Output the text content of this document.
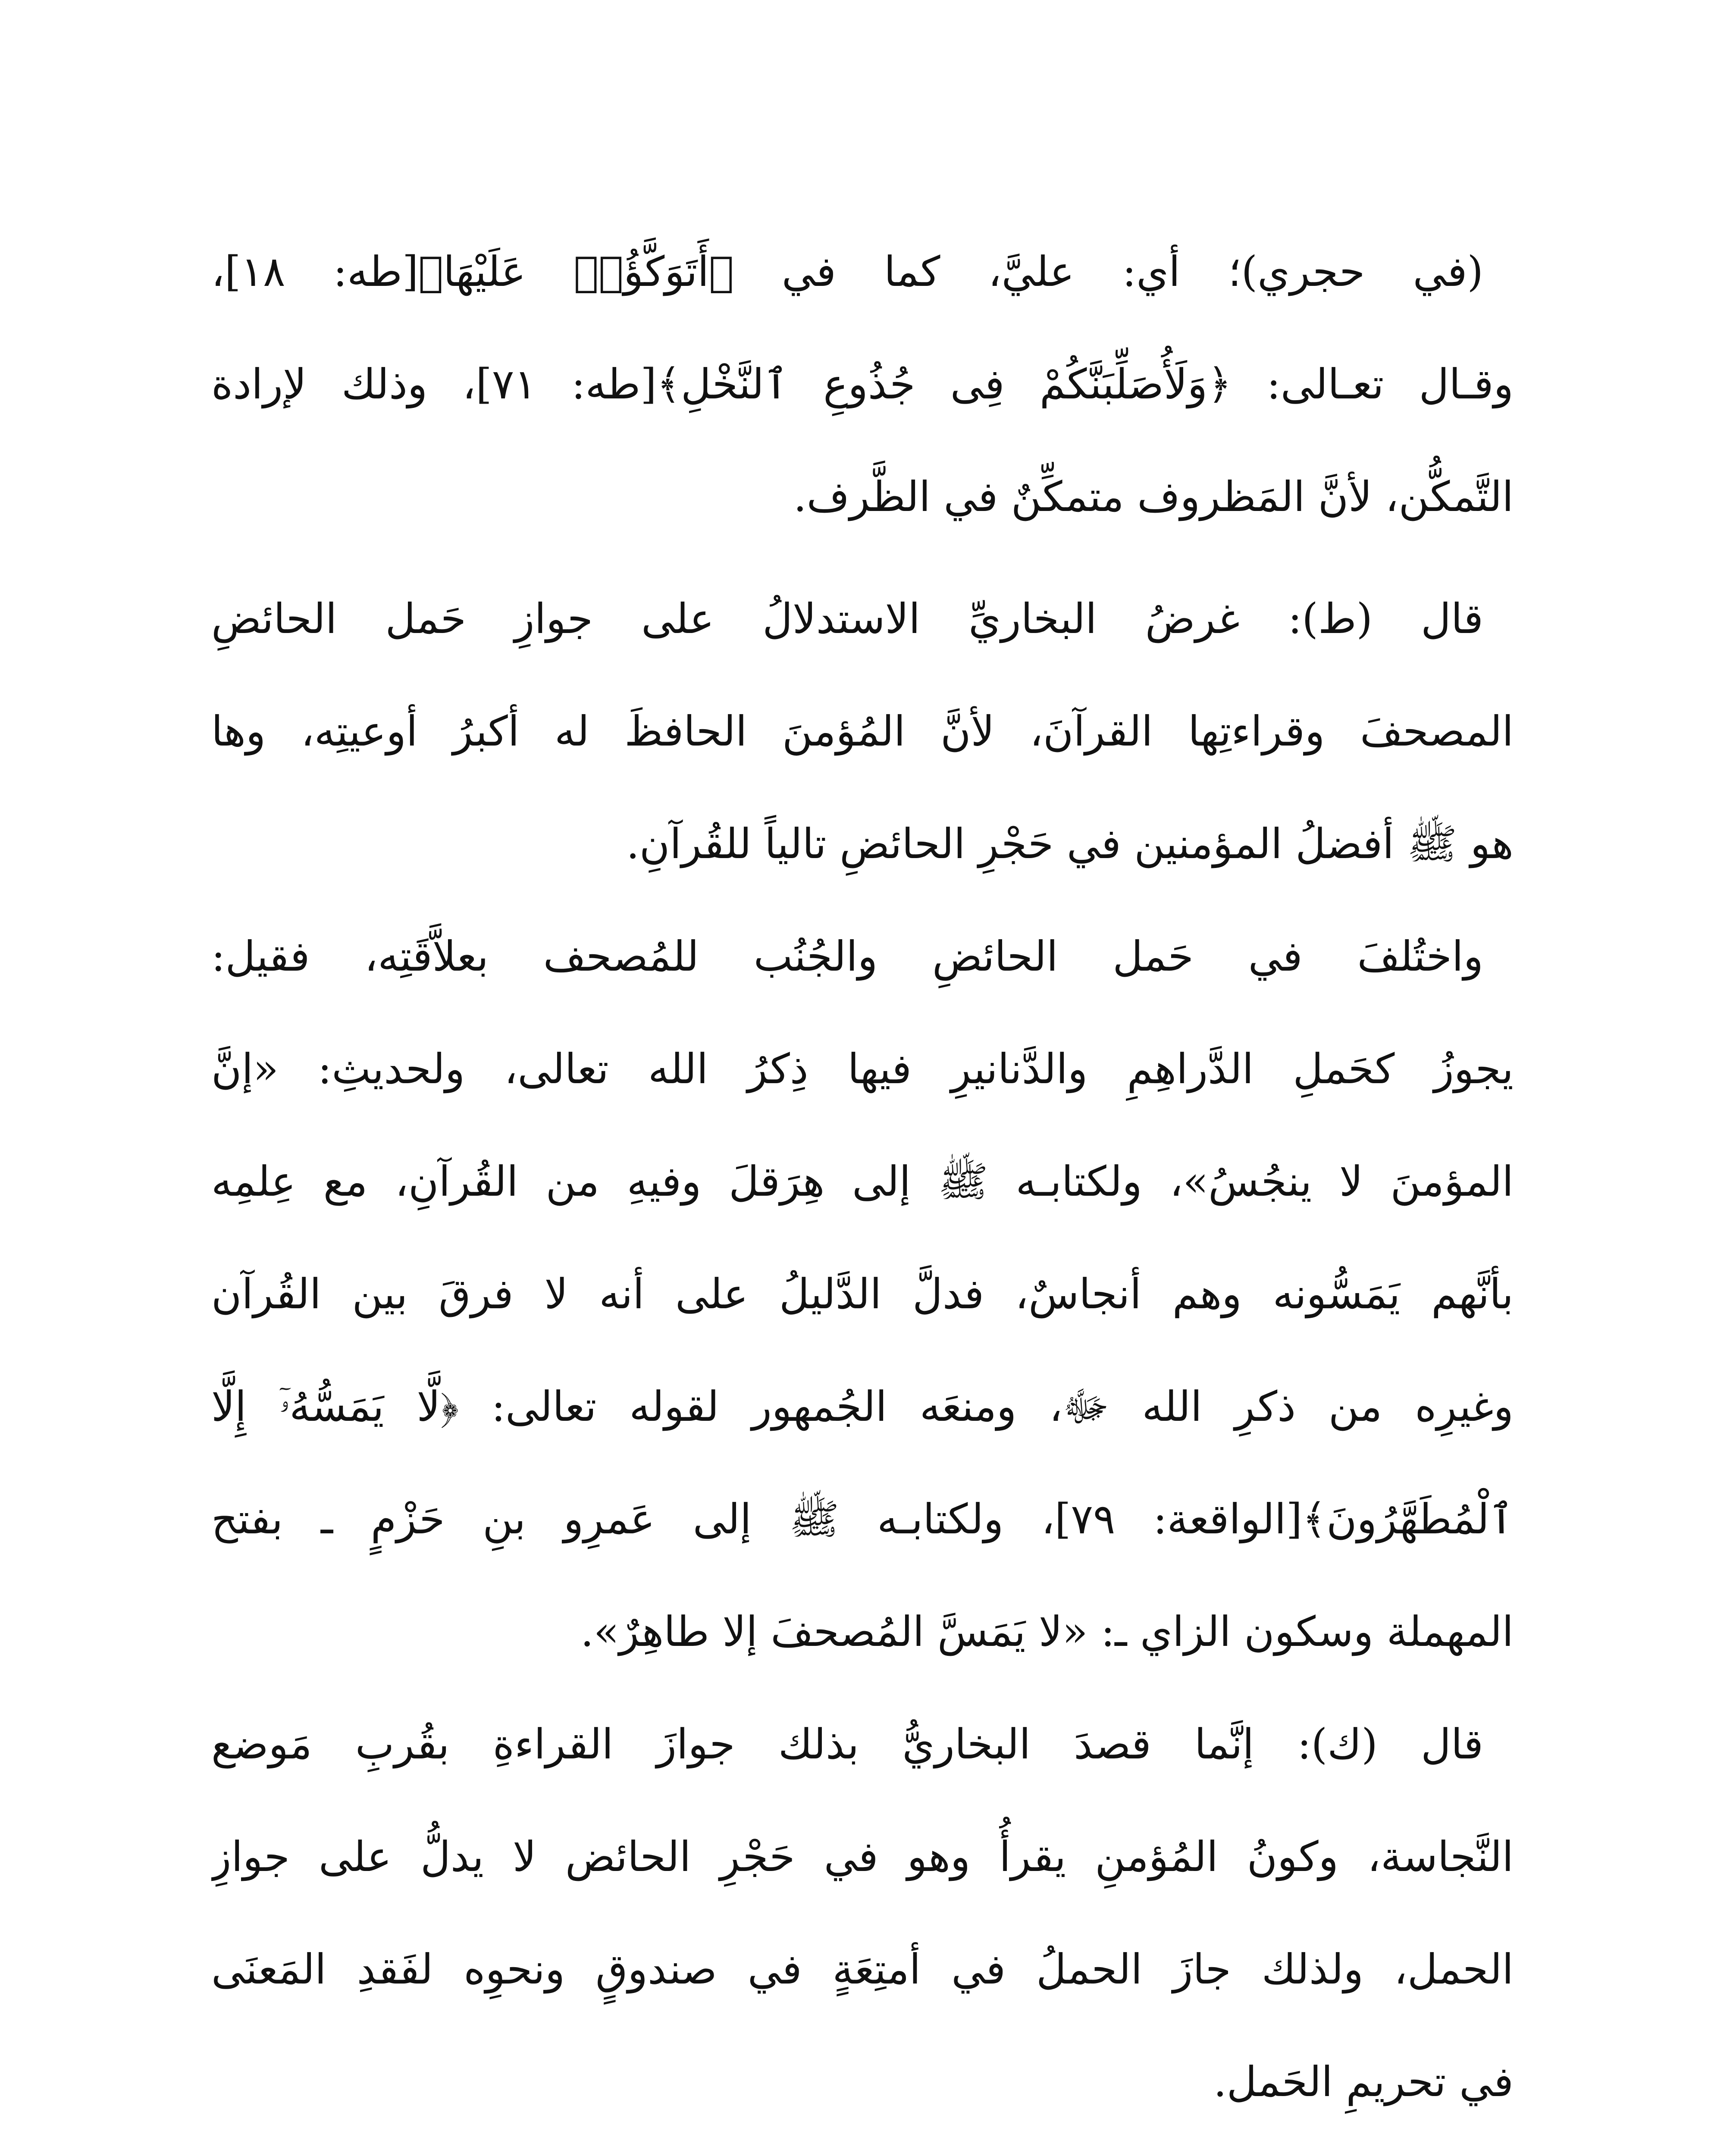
(في حجري)؛ أي: عليَّ، كما في ﴿أَتَوَكَّؤُا۟ عَلَيْهَا﴾[طه: ١٨]،
وقـال تعـالى: ﴿وَلَأُصَلِّبَنَّكُمْ فِى جُذُوعِ ٱلنَّخْلِ﴾[طه: ٧١]، وذلك لإرادة
التَّمكُّن، لأنَّ المَظروف متمكِّنٌ في الظَّرف.

قال (ط): غرضُ البخاريِّ الاستدلالُ على جوازِ حَمل الحائضِ
المصحفَ وقراءتِها القرآنَ، لأنَّ المُؤمنَ الحافظَ له أكبرُ أوعيتِه، وها
هو ﷺ أفضلُ المؤمنين في حَجْرِ الحائضِ تالياً للقُرآنِ.

واختُلفَ في حَمل الحائضِ والجُنُب للمُصحف بعلاَّقَتِه، فقيل:
يجوزُ كحَملِ الدَّراهِمِ والدَّنانيرِ فيها ذِكرُ الله تعالى، ولحديثِ: «إنَّ
المؤمنَ لا ينجُسُ»، ولكتابـه ﷺ إلى هِرَقلَ وفيهِ من القُرآنِ، مع عِلمِه
بأنَّهم يَمَسُّونه وهم أنجاسٌ، فدلَّ الدَّليلُ على أنه لا فرقَ بين القُرآن
وغيرِه من ذكرِ الله ﷻ، ومنعَه الجُمهور لقوله تعالى: ﴿لَّا يَمَسُّهُۥٓ إِلَّا
ٱلْمُطَهَّرُونَ﴾[الواقعة: ٧٩]، ولكتابـه ﷺ إلى عَمرِو بنِ حَزْمٍ ـ بفتح
المهملة وسكون الزاي ـ: «لا يَمَسَّ المُصحفَ إلا طاهِرٌ».

قال (ك): إنَّما قصدَ البخاريُّ بذلك جوازَ القراءةِ بقُربِ مَوضع
النَّجاسة، وكونُ المُؤمنِ يقرأُ وهو في حَجْرِ الحائض لا يدلُّ على جوازِ
الحمل، ولذلك جازَ الحملُ في أمتِعَةٍ في صندوقٍ ونحوِه لفَقدِ المَعنَى
في تحريمِ الحَمل.
